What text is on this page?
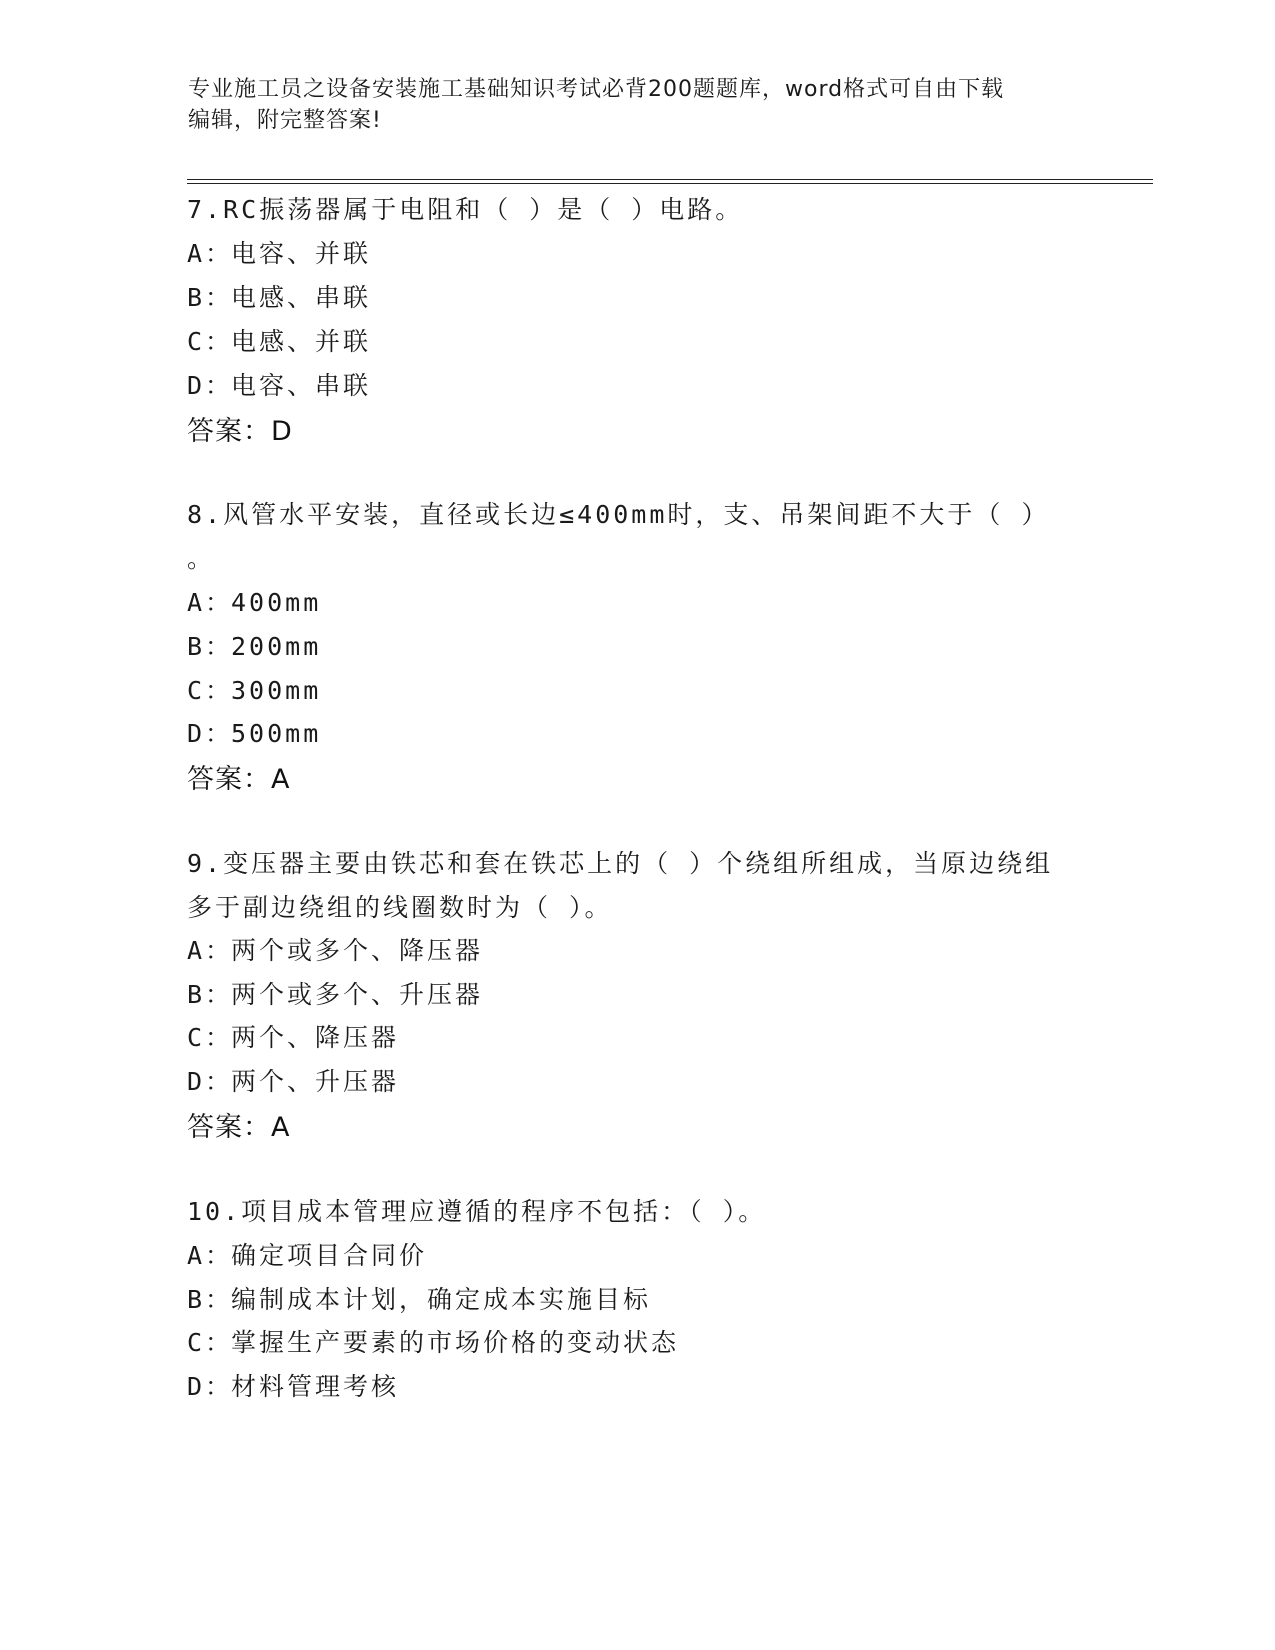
专业施工员之设备安装施工基础知识考试必背200题题库，word格式可自由下载
编辑，附完整答案!
7.RC振荡器属于电阻和（ ）是（ ）电路。
A：电容、并联
B：电感、串联
C：电感、并联
D：电容、串联
答案：D
8.风管水平安装，直径或长边≤400mm时，支、吊架间距不大于（ ）
。
A：400mm
B：200mm
C：300mm
D：500mm
答案：A
9.变压器主要由铁芯和套在铁芯上的（ ）个绕组所组成，当原边绕组
多于副边绕组的线圈数时为（ ）。
A：两个或多个、降压器
B：两个或多个、升压器
C：两个、降压器
D：两个、升压器
答案：A
10.项目成本管理应遵循的程序不包括：（ ）。
A：确定项目合同价
B：编制成本计划，确定成本实施目标
C：掌握生产要素的市场价格的变动状态
D：材料管理考核
